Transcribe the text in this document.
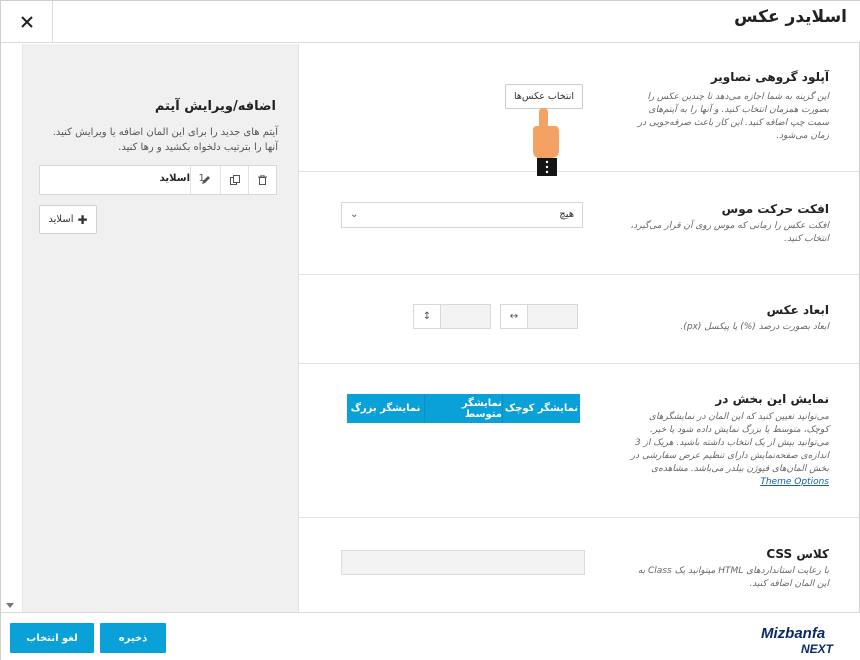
اسلایدر عکس
اضافه/ویرایش آیتم
آیتم های جدید را برای این المان اضافه یا ویرایش کنید. آنها را بترتیب دلخواه بکشید و رها کنید.
1.
اسلاید
✚
اسلاید
آپلود گروهی تصاویر
این گزینه به شما اجازه می‌دهد تا چندین عکس را بصورت همزمان انتخاب کنید. و آنها را به آیتم‌های سمت چپ اضافه کنید. این کار باعث صرفه‌جویی در زمان می‌شود.
انتخاب عکس‌ها
افکت حرکت موس
افکت عکس را زمانی که موس روی آن قرار می‌گیرد، انتخاب کنید.
هیچ
⌄
ابعاد عکس
ابعاد بصورت درصد (%) یا پیکسل (px).
↔
↕
نمایش این بخش در
می‌توانید تعیین کنید که این المان در نمایشگرهای کوچک، متوسط یا بزرگ نمایش داده شود یا خیر. می‌توانید بیش از یک انتخاب داشته باشید. هریک از 3 اندازه‌ی صفحه‌نمایش دارای تنظیم عرض سفارشی در بخش المان‌های فیوژن بیلدر می‌باشد. مشاهده‌ی Theme Options
نمایشگر کوچک
نمایشگر متوسط
نمایشگر بزرگ
کلاس CSS
با رعایت استانداردهای HTML میتوانید یک Class به این المان اضافه کنید.
لغو انتخاب	ذخیره	Mizbanfa
NEXT
